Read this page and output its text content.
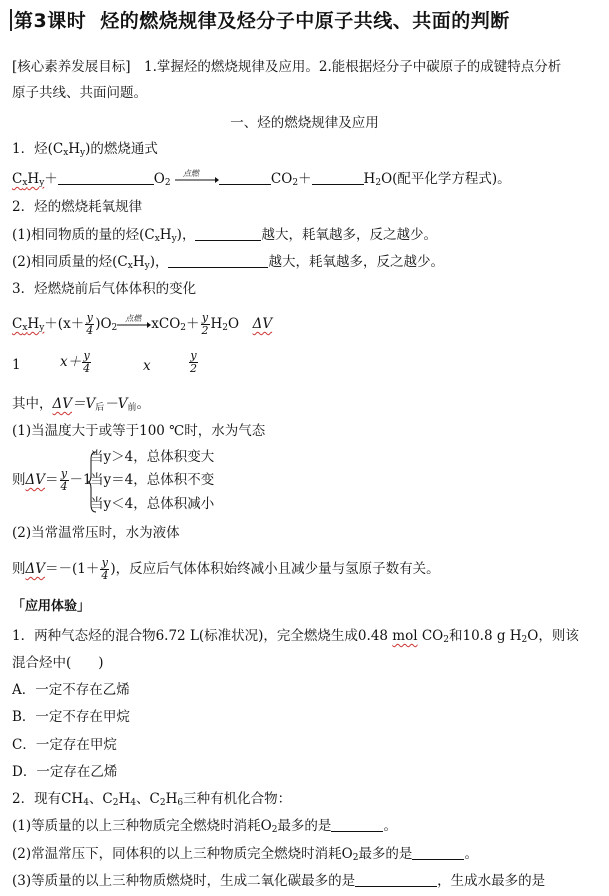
第3课时 烃的燃烧规律及烃分子中原子共线、共面的判断
[核心素养发展目标]　 1.掌握烃的燃烧规律及应用。2.能根据烃分子中碳原子的成键特点分析
原子共线、共面问题。
一、烃的燃烧规律及应用
1．烃$(C_xH_y)$的燃烧通式
$C_xH_y+$	$O_2$
点燃	$CO_2+$	$H_2O$(配平化学方程式)。
2．烃的燃烧耗氧规律
(1)相同物质的量的烃$(C_xH_y)$，	越大，耗氧越多，反之越少。
(2)相同质量的烃$(C_xH_y)$，	越大，耗氧越多，反之越少。
3．烃燃烧前后气体体积的变化
$C_xH_y+(x+ \frac{y}{4} )O_2$
点燃 $xCO_2+ \frac{y}{2} H_2O$　 ΔV
1	$x+ \frac{y}{4}$	x	$\frac{y}{2}$
其中，$\Delta V=V_后-V_前$。
(1)当温度大于或等于100 ℃时，水为气态
则$\Delta V= \frac{y}{4} -1$
当y＞4，总体积变大
当y＝4，总体积不变
当y＜4，总体积减小
(2)当常温常压时，水为液体
则$\Delta V=-(1+ \frac{y}{4}$ )，反应后气体体积始终减小且减少量与氢原子数有关。
「应用体验」
1．两种气态烃的混合物6.72 L(标准状况)，完全燃烧生成0.48 mol $CO_2$和10.8 g $H_2O$，则该
混合烃中(　　)
A．一定不存在乙烯
B．一定不存在甲烷
C．一定存在甲烷
D．一定存在乙烯
2．现有$CH_4$、$C_2H_4$、$C_2H_6$三种有机化合物：
(1)等质量的以上三种物质完全燃烧时消耗$O_2$最多的是	。
(2)常温常压下，同体积的以上三种物质完全燃烧时消耗$O_2$最多的是	。
(3)等质量的以上三种物质燃烧时，生成二氧化碳最多的是	，生成水最多的是
